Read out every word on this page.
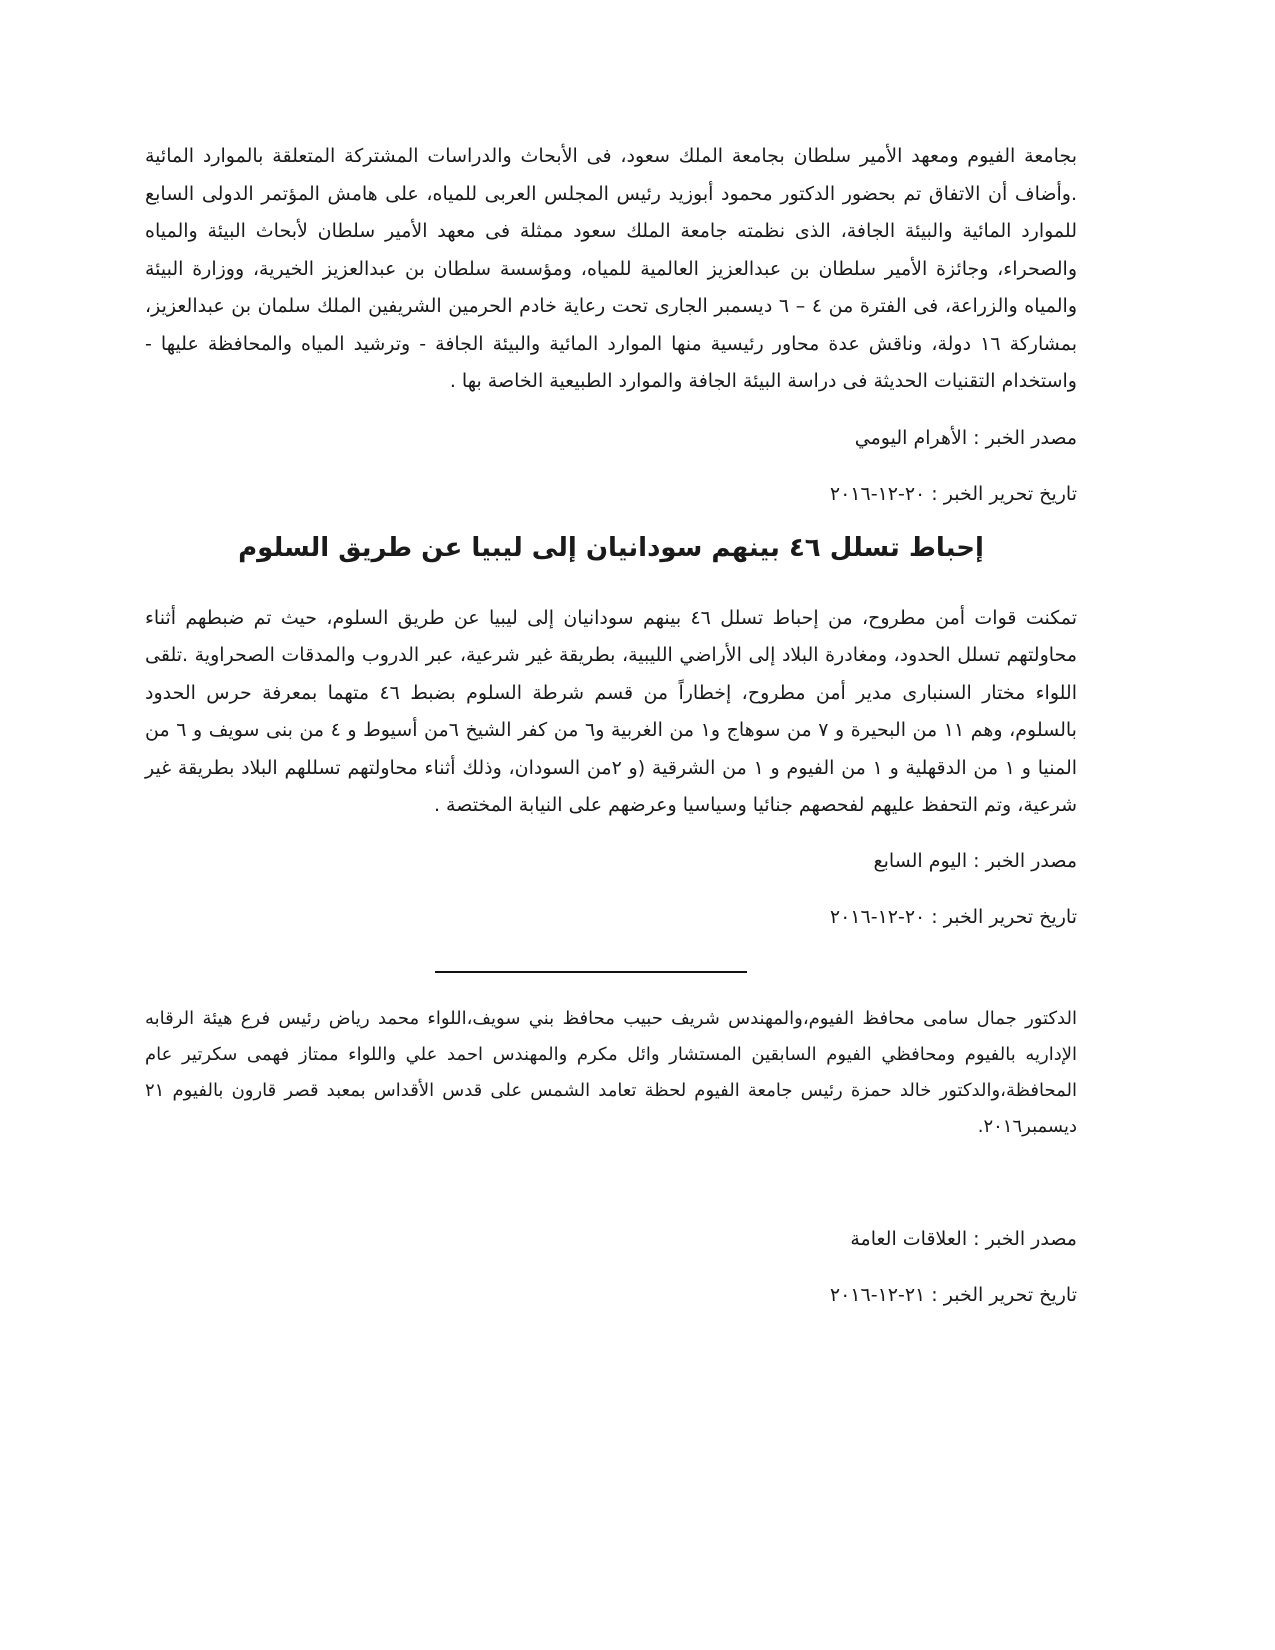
بجامعة الفيوم ومعهد الأمير سلطان بجامعة الملك سعود، فى الأبحاث والدراسات المشتركة المتعلقة بالموارد المائية .وأضاف أن الاتفاق تم بحضور الدكتور محمود أبوزيد رئيس المجلس العربى للمياه، على هامش المؤتمر الدولى السابع للموارد المائية والبيئة الجافة، الذى نظمته جامعة الملك سعود ممثلة فى معهد الأمير سلطان لأبحاث البيئة والمياه والصحراء، وجائزة الأمير سلطان بن عبدالعزيز العالمية للمياه، ومؤسسة سلطان بن عبدالعزيز الخيرية، ووزارة البيئة والمياه والزراعة، فى الفترة من ٤ – ٦ ديسمبر الجارى تحت رعاية خادم الحرمين الشريفين الملك سلمان بن عبدالعزيز، بمشاركة ١٦ دولة، وناقش عدة محاور رئيسية منها الموارد المائية والبيئة الجافة - وترشيد المياه والمحافظة عليها - واستخدام التقنيات الحديثة فى دراسة البيئة الجافة والموارد الطبيعية الخاصة بها .

مصدر الخبر : الأهرام اليومي

تاريخ تحرير الخبر : ٢٠-١٢-٢٠١٦

إحباط تسلل ٤٦ بينهم سودانيان إلى ليبيا عن طريق السلوم

تمكنت قوات أمن مطروح، من إحباط تسلل ٤٦ بينهم سودانيان إلى ليبيا عن طريق السلوم، حيث تم ضبطهم أثناء محاولتهم تسلل الحدود، ومغادرة البلاد إلى الأراضي الليبية، بطريقة غير شرعية، عبر الدروب والمدقات الصحراوية .تلقى اللواء مختار السنبارى مدير أمن مطروح، إخطاراً من قسم شرطة السلوم بضبط ٤٦ متهما بمعرفة حرس الحدود بالسلوم، وهم ١١ من البحيرة و ٧ من سوهاج و١ من الغربية و٦ من كفر الشيخ ٦من أسيوط و ٤ من بنى سويف و ٦ من المنيا و ١ من الدقهلية و ١ من الفيوم و ١ من الشرقية (و ٢من السودان، وذلك أثناء محاولتهم تسللهم البلاد بطريقة غير شرعية، وتم التحفظ عليهم لفحصهم جنائيا وسياسيا وعرضهم على النيابة المختصة .

مصدر الخبر : اليوم السابع

تاريخ تحرير الخبر : ٢٠-١٢-٢٠١٦

الدكتور جمال سامى محافظ الفيوم،والمهندس شريف حبيب محافظ بني سويف،اللواء محمد رياض رئيس فرع هيئة الرقابه الإداريه بالفيوم ومحافظي الفيوم السابقين المستشار وائل مكرم والمهندس احمد علي واللواء ممتاز فهمى سكرتير عام المحافظة،والدكتور خالد حمزة رئيس جامعة الفيوم لحظة تعامد الشمس على قدس الأقداس بمعبد قصر قارون بالفيوم ٢١ ديسمبر٢٠١٦.

مصدر الخبر : العلاقات العامة

تاريخ تحرير الخبر : ٢١-١٢-٢٠١٦
